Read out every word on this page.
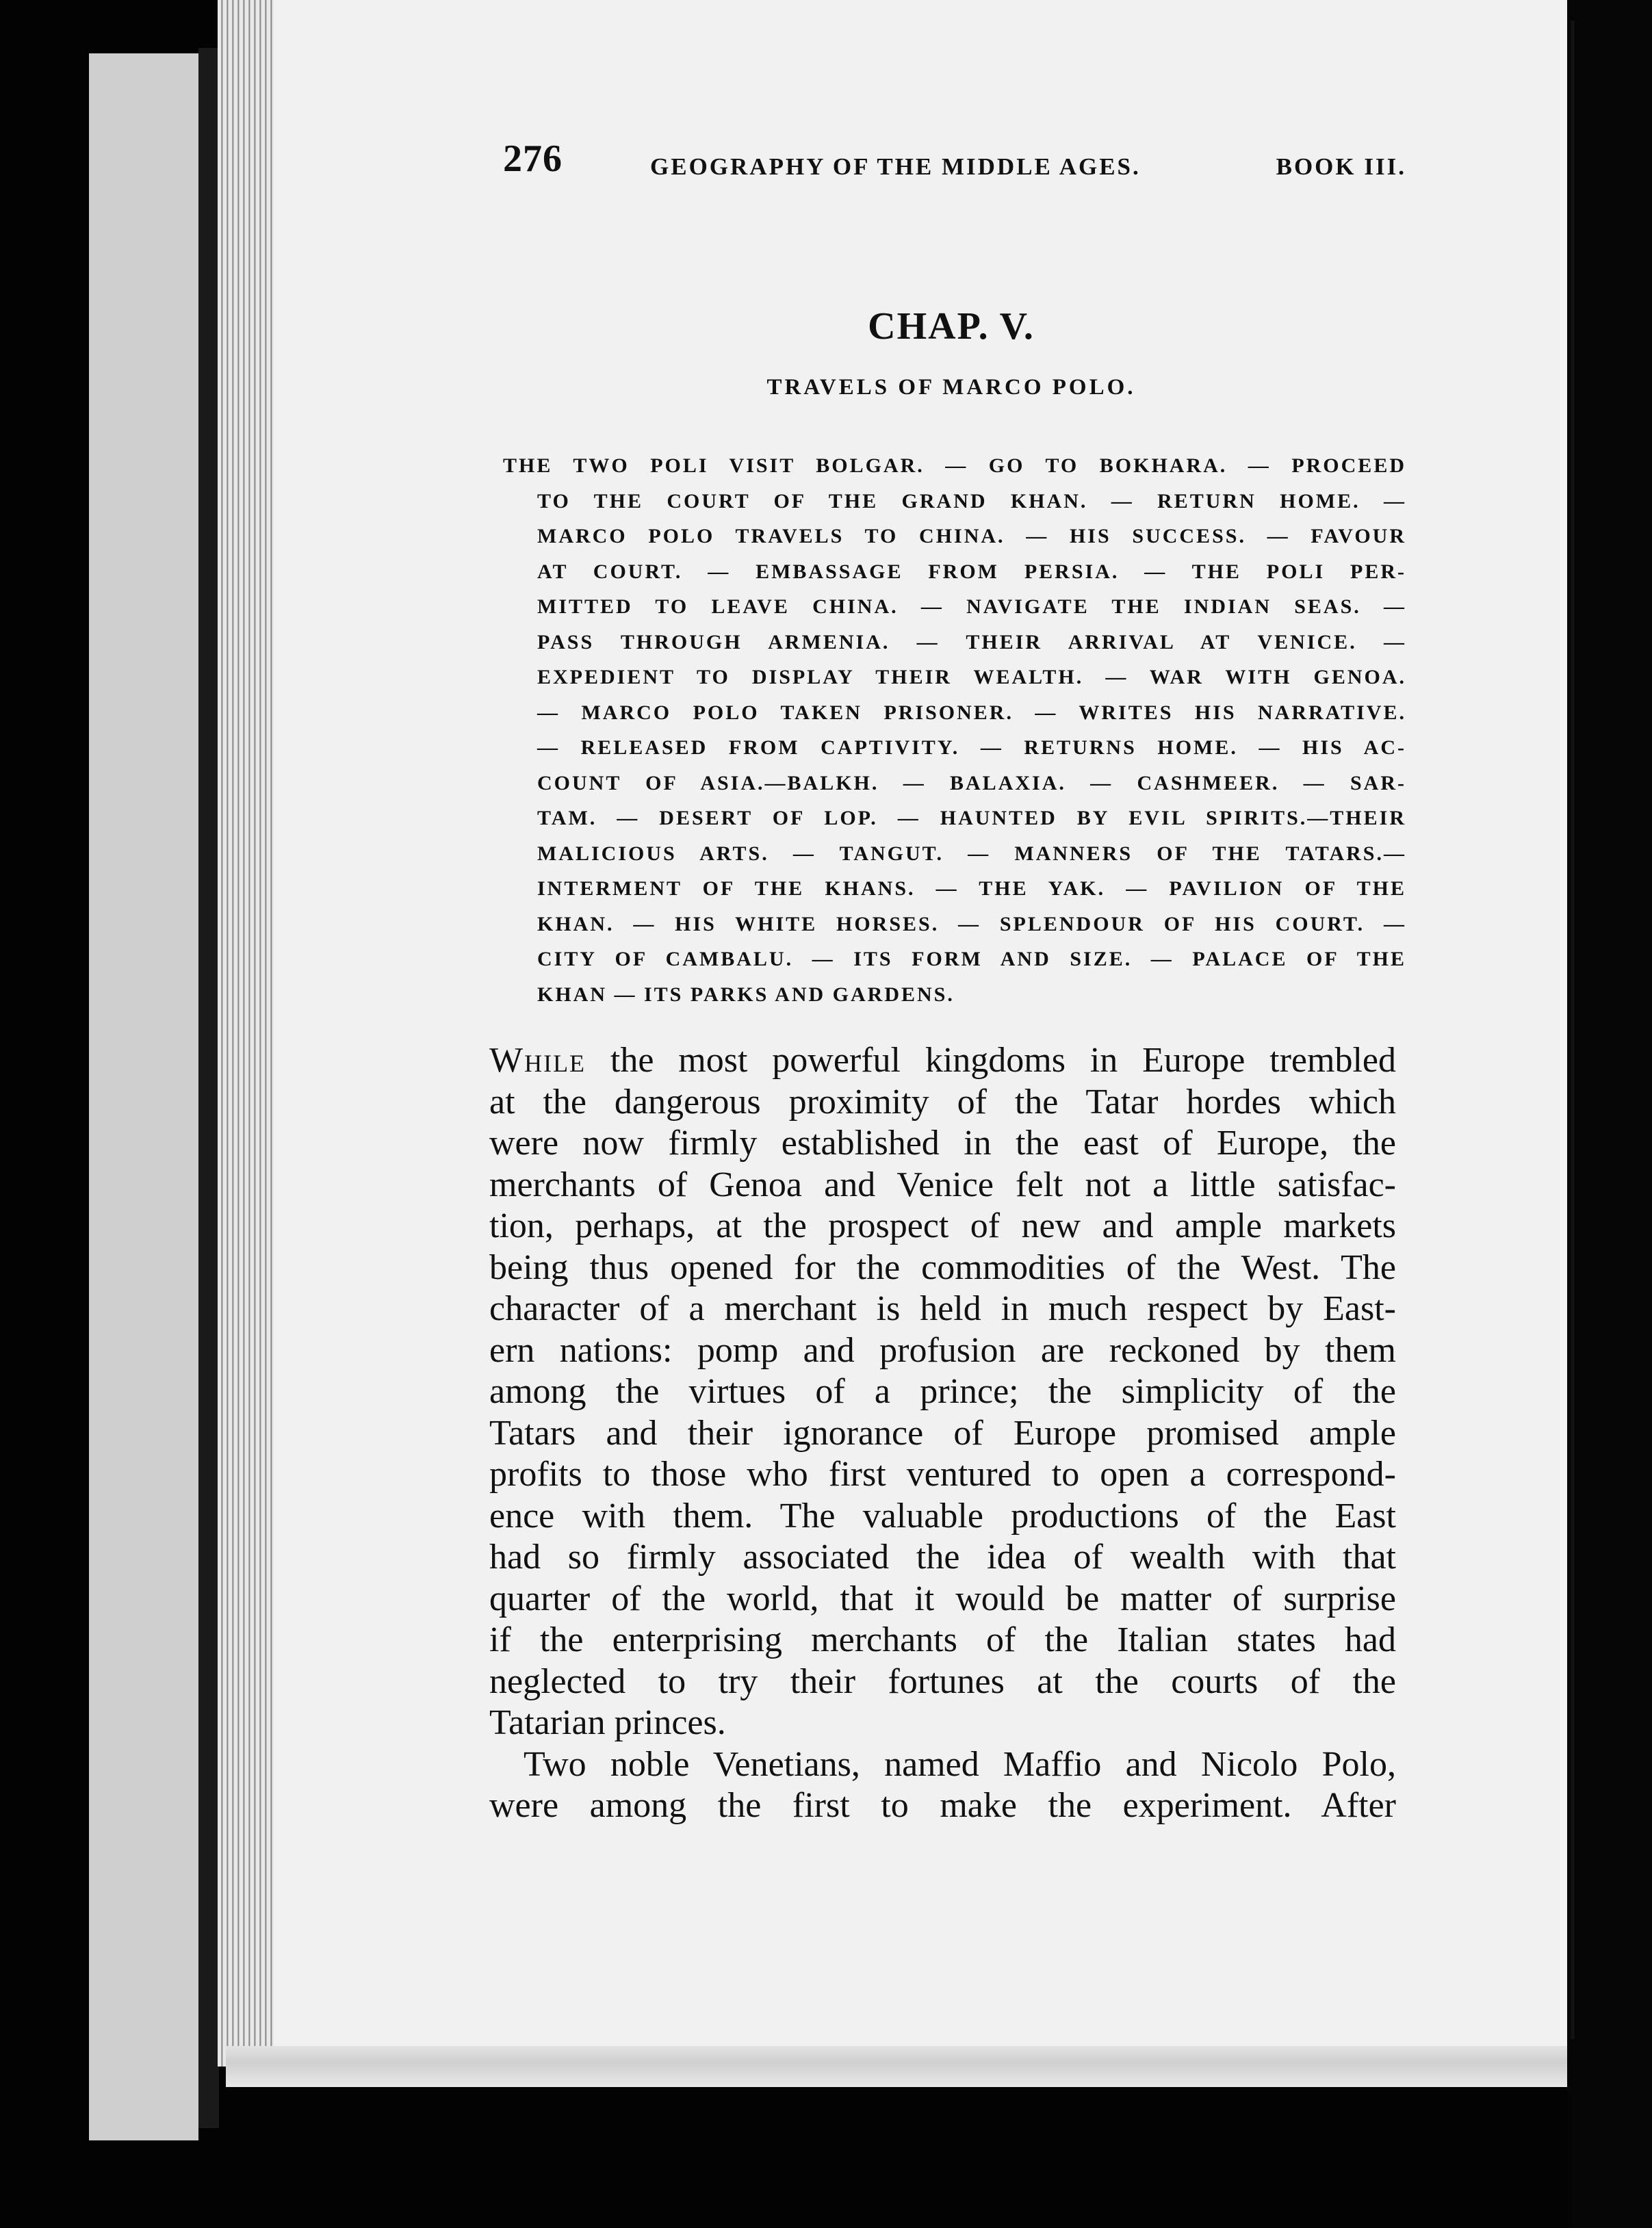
276	GEOGRAPHY OF THE MIDDLE AGES.	BOOK III.
CHAP. V.
TRAVELS OF MARCO POLO.
THE TWO POLI VISIT BOLGAR. — GO TO BOKHARA. — PROCEED
TO THE COURT OF THE GRAND KHAN. — RETURN HOME. —
MARCO POLO TRAVELS TO CHINA. — HIS SUCCESS. — FAVOUR
AT COURT. — EMBASSAGE FROM PERSIA. — THE POLI PER-
MITTED TO LEAVE CHINA. — NAVIGATE THE INDIAN SEAS. —
PASS THROUGH ARMENIA. — THEIR ARRIVAL AT VENICE. —
EXPEDIENT TO DISPLAY THEIR WEALTH. — WAR WITH GENOA.
— MARCO POLO TAKEN PRISONER. — WRITES HIS NARRATIVE.
— RELEASED FROM CAPTIVITY. — RETURNS HOME. — HIS AC-
COUNT OF ASIA.—BALKH. — BALAXIA. — CASHMEER. — SAR-
TAM. — DESERT OF LOP. — HAUNTED BY EVIL SPIRITS.—THEIR
MALICIOUS ARTS. — TANGUT. — MANNERS OF THE TATARS.—
INTERMENT OF THE KHANS. — THE YAK. — PAVILION OF THE
KHAN. — HIS WHITE HORSES. — SPLENDOUR OF HIS COURT. —
CITY OF CAMBALU. — ITS FORM AND SIZE. — PALACE OF THE
KHAN — ITS PARKS AND GARDENS.
While the most powerful kingdoms in Europe trembled
at the dangerous proximity of the Tatar hordes which
were now firmly established in the east of Europe, the
merchants of Genoa and Venice felt not a little satisfac-
tion, perhaps, at the prospect of new and ample markets
being thus opened for the commodities of the West. The
character of a merchant is held in much respect by East-
ern nations: pomp and profusion are reckoned by them
among the virtues of a prince; the simplicity of the
Tatars and their ignorance of Europe promised ample
profits to those who first ventured to open a correspond-
ence with them. The valuable productions of the East
had so firmly associated the idea of wealth with that
quarter of the world, that it would be matter of surprise
if the enterprising merchants of the Italian states had
neglected to try their fortunes at the courts of the
Tatarian princes.
Two noble Venetians, named Maffio and Nicolo Polo,
were among the first to make the experiment. After
